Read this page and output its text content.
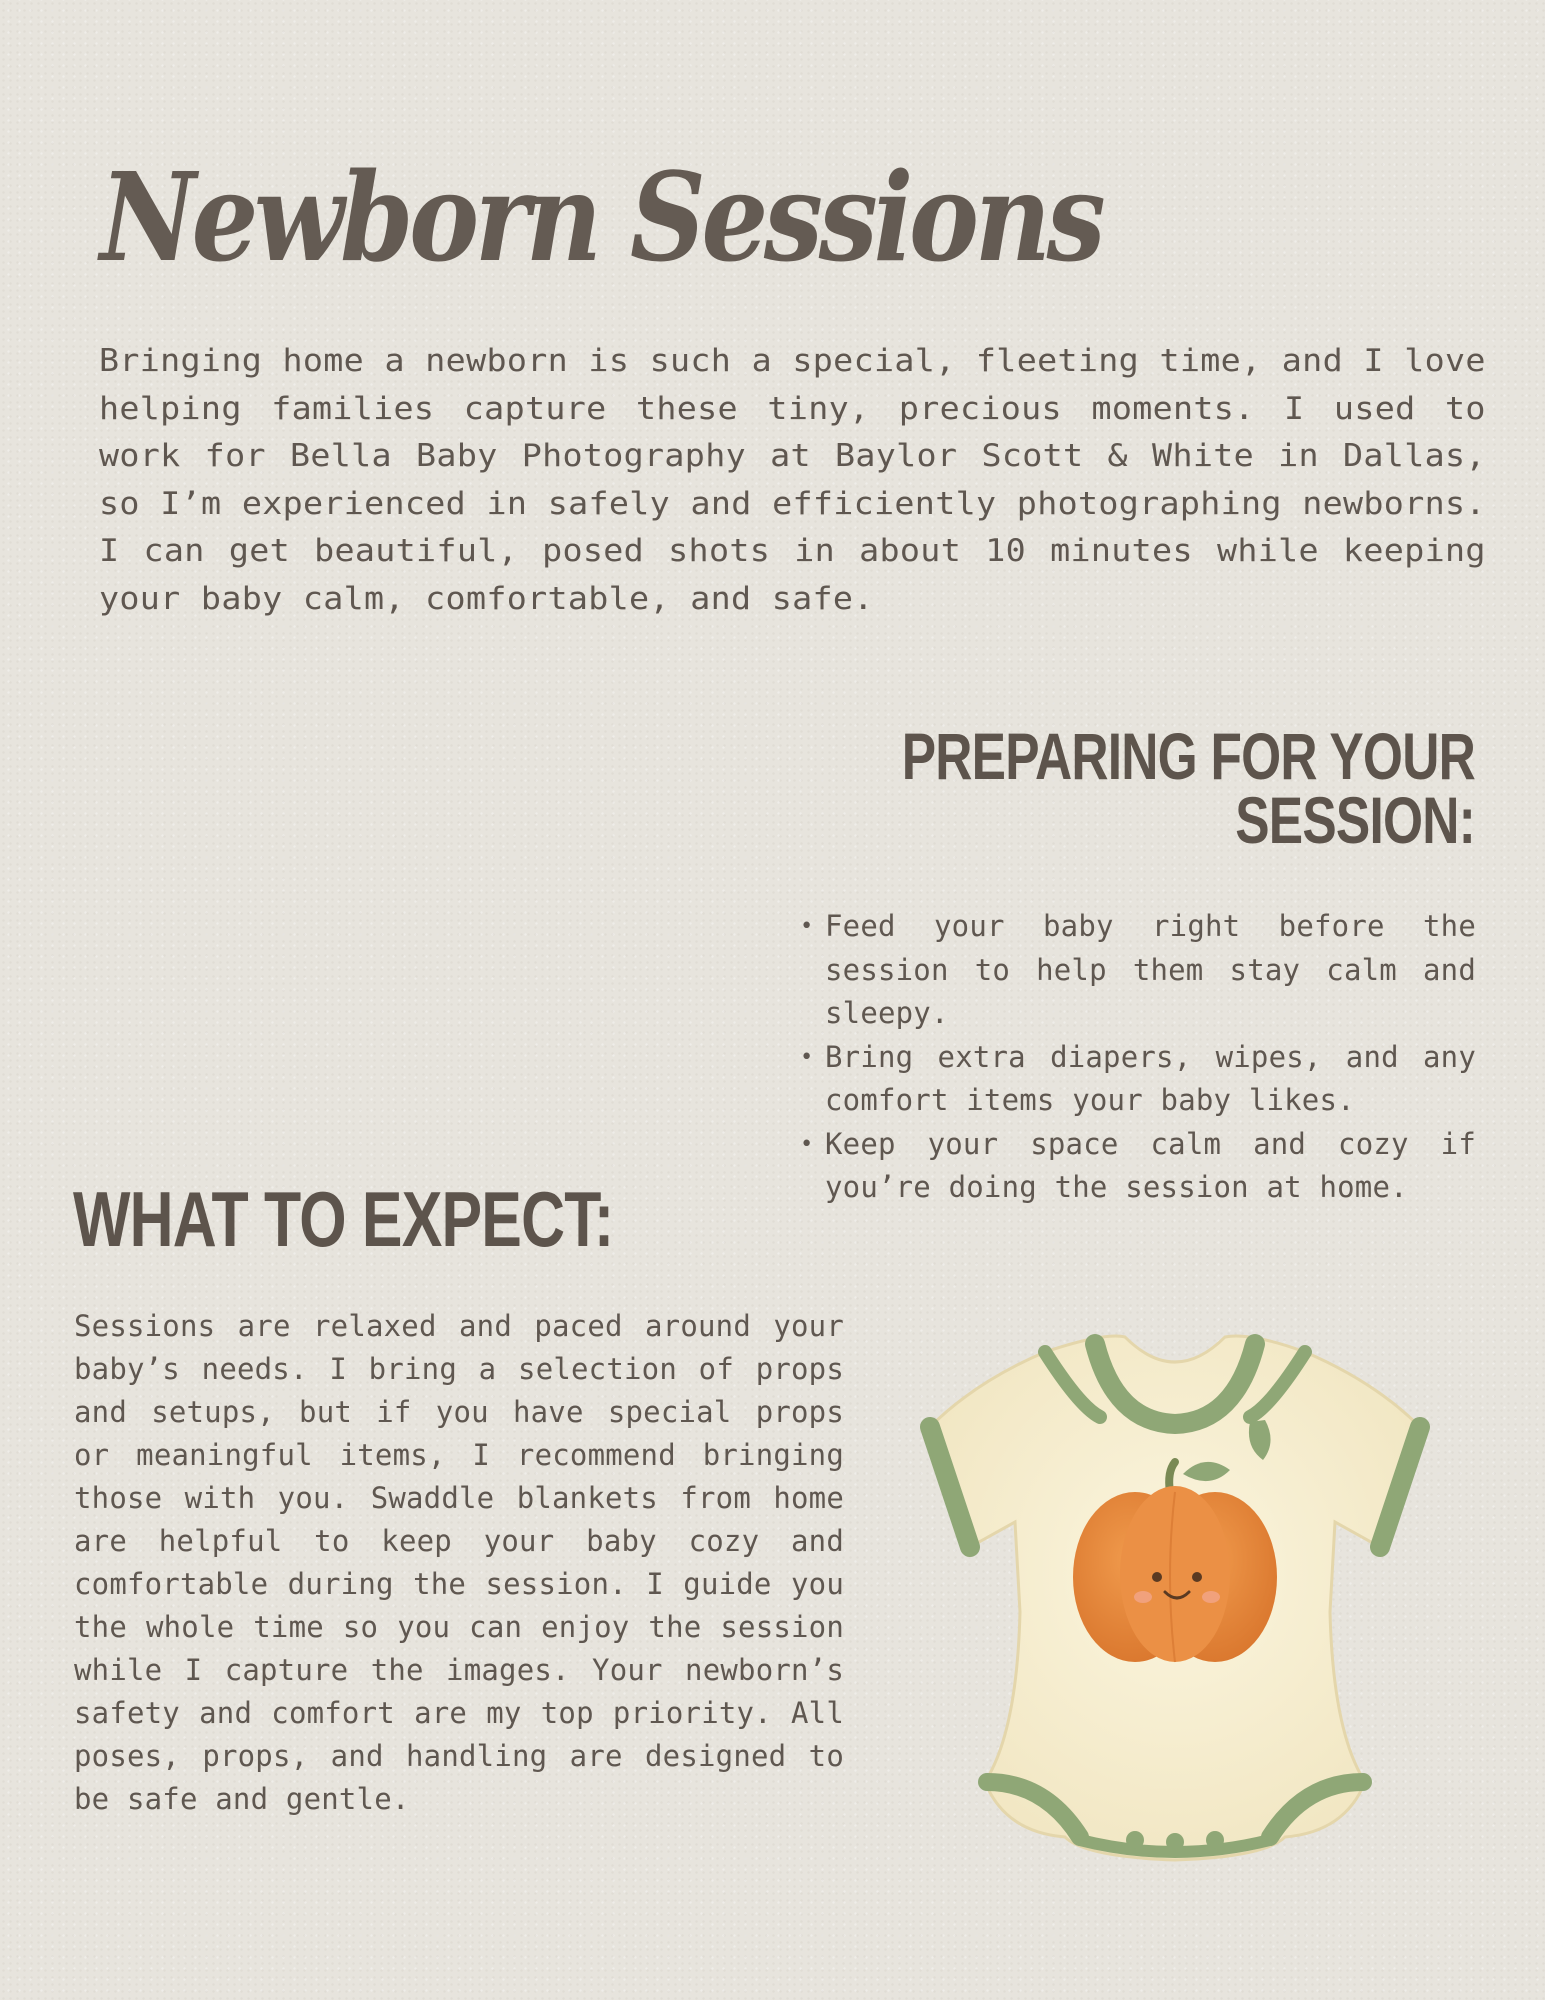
Newborn Sessions

Bringing home a newborn is such a special, fleeting time, and I love helping families capture these tiny, precious moments. I used to work for Bella Baby Photography at Baylor Scott & White in Dallas, so I’m experienced in safely and efficiently photographing newborns. I can get beautiful, posed shots in about 10 minutes while keeping your baby calm, comfortable, and safe.

PREPARING FOR YOUR SESSION:
• Feed your baby right before the session to help them stay calm and sleepy.
• Bring extra diapers, wipes, and any comfort items your baby likes.
• Keep your space calm and cozy if you’re doing the session at home.
WHAT TO EXPECT:

Sessions are relaxed and paced around your baby’s needs. I bring a selection of props and setups, but if you have special props or meaningful items, I recommend bringing those with you. Swaddle blankets from home are helpful to keep your baby cozy and comfortable during the session. I guide you the whole time so you can enjoy the session while I capture the images. Your newborn’s safety and comfort are my top priority. All poses, props, and handling are designed to be safe and gentle.
